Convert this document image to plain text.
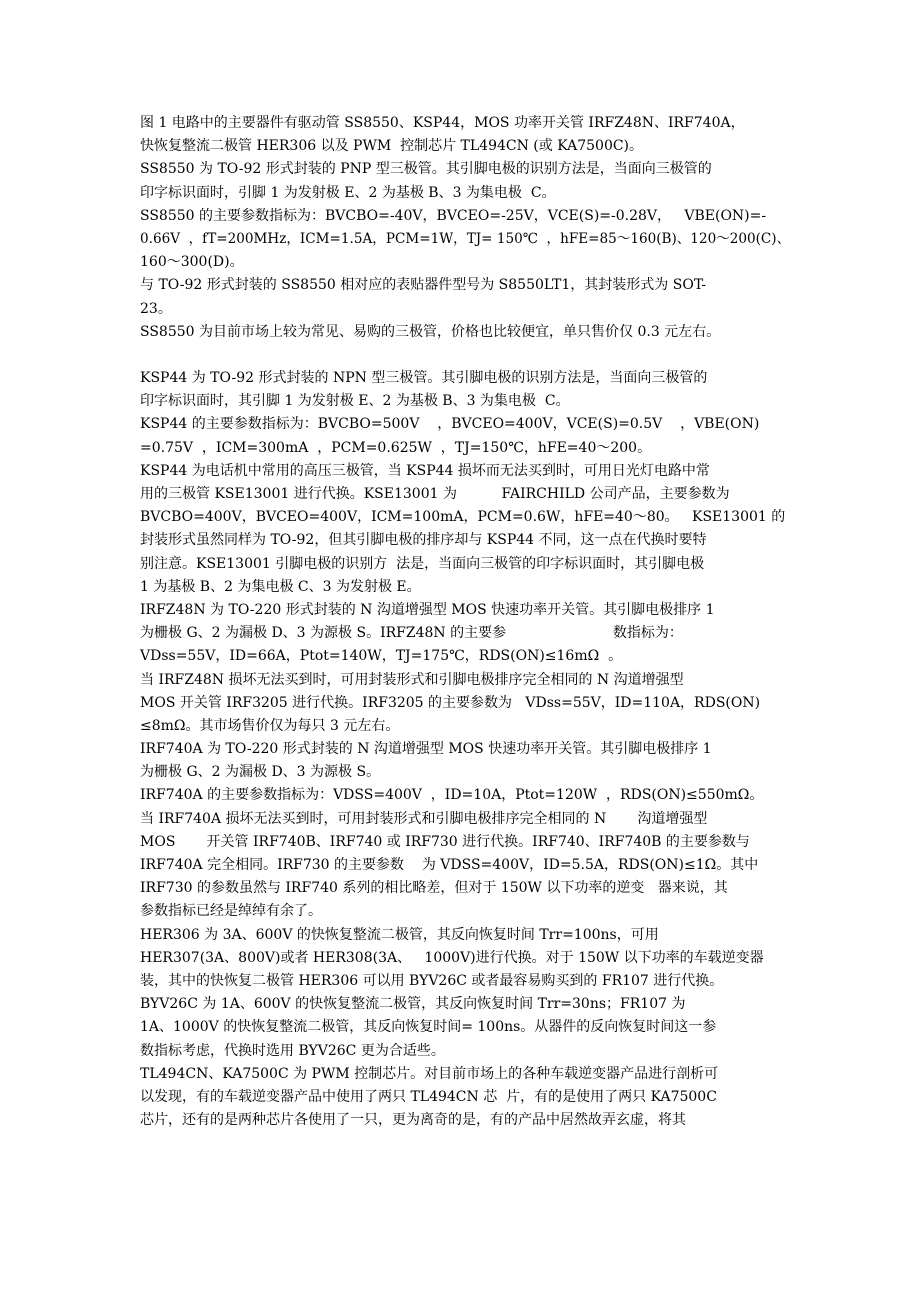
图 1 电路中的主要器件有驱动管 SS8550、KSP44，MOS 功率开关管 IRFZ48N、IRF740A，
快恢复整流二极管 HER306 以及 PWM  控制芯片 TL494CN (或 KA7500C)。
SS8550 为 TO-92 形式封装的 PNP 型三极管。其引脚电极的识别方法是，当面向三极管的
印字标识面时，引脚 1 为发射极 E、2 为基极 B、3 为集电极  C。
SS8550 的主要参数指标为：BVCBO=-40V，BVCEO=-25V，VCE(S)=-0.28V，   VBE(ON)=-
0.66V  ，fT=200MHz，ICM=1.5A，PCM=1W，TJ= 150℃  ，hFE=85～160(B)、120～200(C)、
160～300(D)。
与 TO-92 形式封装的 SS8550 相对应的表贴器件型号为 S8550LT1，其封装形式为 SOT-
23。
SS8550 为目前市场上较为常见、易购的三极管，价格也比较便宜，单只售价仅 0.3 元左右。
KSP44 为 TO-92 形式封装的 NPN 型三极管。其引脚电极的识别方法是，当面向三极管的
印字标识面时，其引脚 1 为发射极 E、2 为基极 B、3 为集电极  C。
KSP44 的主要参数指标为：BVCBO=500V    ，BVCEO=400V，VCE(S)=0.5V    ，VBE(ON)
=0.75V  ，ICM=300mA  ，PCM=0.625W  ，TJ=150℃，hFE=40～200。
KSP44 为电话机中常用的高压三极管，当 KSP44 损坏而无法买到时，可用日光灯电路中常
用的三极管 KSE13001 进行代换。KSE13001 为          FAIRCHILD 公司产品，主要参数为
BVCBO=400V，BVCEO=400V，ICM=100mA，PCM=0.6W，hFE=40～80。   KSE13001 的
封装形式虽然同样为 TO-92，但其引脚电极的排序却与 KSP44 不同，这一点在代换时要特
别注意。KSE13001 引脚电极的识别方  法是，当面向三极管的印字标识面时，其引脚电极
1 为基极 B、2 为集电极 C、3 为发射极 E。
IRFZ48N 为 TO-220 形式封装的 N 沟道增强型 MOS 快速功率开关管。其引脚电极排序 1
为栅极 G、2 为漏极 D、3 为源极 S。IRFZ48N 的主要参                        数指标为：
VDss=55V，ID=66A，Ptot=140W，TJ=175℃，RDS(ON)≤16mΩ  。
当 IRFZ48N 损坏无法买到时，可用封装形式和引脚电极排序完全相同的 N 沟道增强型
MOS 开关管 IRF3205 进行代换。IRF3205 的主要参数为   VDss=55V，ID=110A，RDS(ON)
≤8mΩ。其市场售价仅为每只 3 元左右。
IRF740A 为 TO-220 形式封装的 N 沟道增强型 MOS 快速功率开关管。其引脚电极排序 1
为栅极 G、2 为漏极 D、3 为源极 S。
IRF740A 的主要参数指标为：VDSS=400V  ，ID=10A，Ptot=120W  ，RDS(ON)≤550mΩ。
当 IRF740A 损坏无法买到时，可用封装形式和引脚电极排序完全相同的 N       沟道增强型
MOS       开关管 IRF740B、IRF740 或 IRF730 进行代换。IRF740、IRF740B 的主要参数与
IRF740A 完全相同。IRF730 的主要参数    为 VDSS=400V，ID=5.5A，RDS(ON)≤1Ω。其中
IRF730 的参数虽然与 IRF740 系列的相比略差，但对于 150W 以下功率的逆变   器来说，其
参数指标已经是绰绰有余了。
HER306 为 3A、600V 的快恢复整流二极管，其反向恢复时间 Trr=100ns，可用
HER307(3A、800V)或者 HER308(3A、   1000V)进行代换。对于 150W 以下功率的车载逆变器
装，其中的快恢复二极管 HER306 可以用 BYV26C 或者最容易购买到的 FR107 进行代换。
BYV26C 为 1A、600V 的快恢复整流二极管，其反向恢复时间 Trr=30ns；FR107 为
1A、1000V 的快恢复整流二极管，其反向恢复时间= 100ns。从器件的反向恢复时间这一参
数指标考虑，代换时选用 BYV26C 更为合适些。
TL494CN、KA7500C 为 PWM 控制芯片。对目前市场上的各种车载逆变器产品进行剖析可
以发现，有的车载逆变器产品中使用了两只 TL494CN 芯  片，有的是使用了两只 KA7500C
芯片，还有的是两种芯片各使用了一只，更为离奇的是，有的产品中居然故弄玄虚，将其
